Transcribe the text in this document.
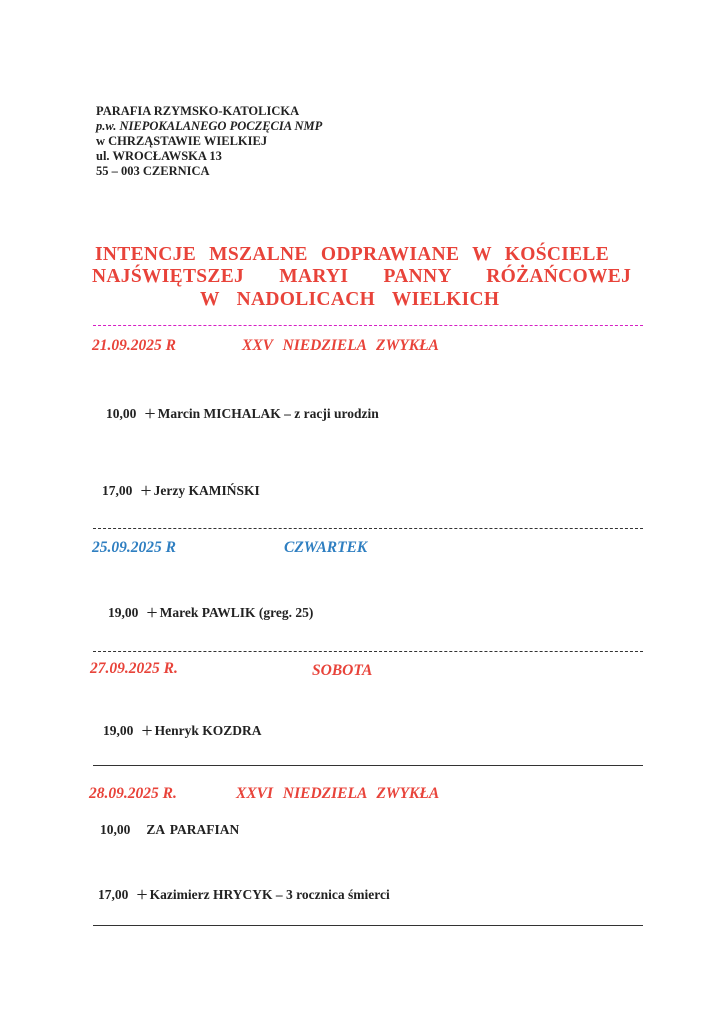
PARAFIA RZYMSKO-KATOLICKA
p.w. NIEPOKALANEGO POCZĘCIA NMP
w CHRZĄSTAWIE WIELKIEJ
ul. WROCŁAWSKA 13
55 – 003 CZERNICA
INTENCJE MSZALNE ODPRAWIANE W KOŚCIELE
NAJŚWIĘTSZEJ MARYI PANNY RÓŻAŃCOWEJ
W NADOLICACH WIELKICH
21.09.2025 R	XXV NIEDZIELA ZWYKŁA
10,00 + Marcin MICHALAK – z racji urodzin
17,00 + Jerzy KAMIŃSKI
25.09.2025 R	CZWARTEK
19,00 + Marek PAWLIK (greg. 25)
27.09.2025 R.	SOBOTA
19,00 + Henryk KOZDRA
28.09.2025 R.	XXVI NIEDZIELA ZWYKŁA
10,00 ZA PARAFIAN
17,00 + Kazimierz HRYCYK – 3 rocznica śmierci
